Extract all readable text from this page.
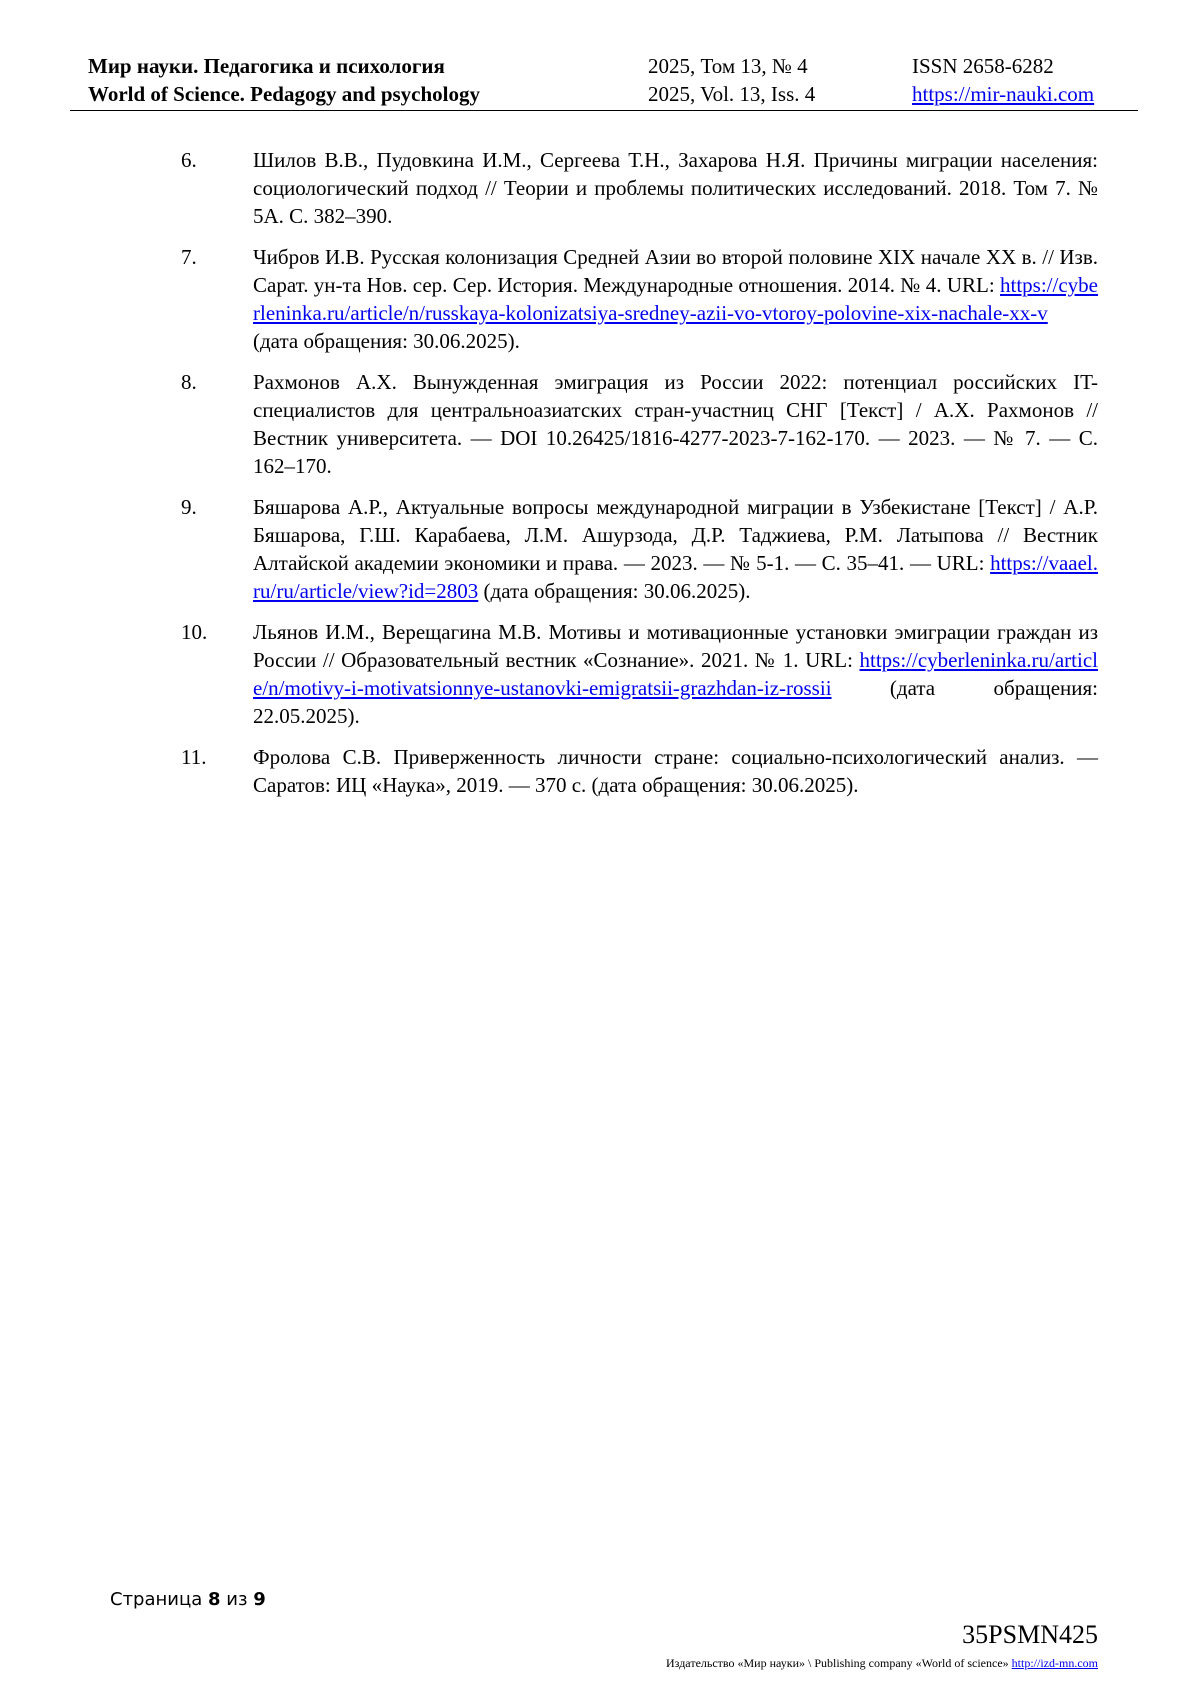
Мир науки. Педагогика и психология
World of Science. Pedagogy and psychology
2025, Том 13, № 4
2025, Vol. 13, Iss. 4
ISSN 2658-6282
https://mir-nauki.com
6.	Шилов В.В., Пудовкина И.М., Сергеева Т.Н., Захарова Н.Я. Причины миграции населения: социологический подход // Теории и проблемы политических исследований. 2018. Том 7. № 5А. С. 382–390.
7.	Чибров И.В. Русская колонизация Средней Азии во второй половине XIX начале XX в. // Изв. Сарат. ун-та Нов. сер. Сер. История. Международные отношения. 2014. № 4. URL: https://cyberleninka.ru/article/n/russkaya-kolonizatsiya-sredney-azii-vo-vtoroy-polovine-xix-nachale-xx-v (дата обращения: 30.06.2025).
8.	Рахмонов А.Х. Вынужденная эмиграция из России 2022: потенциал российских IT-специалистов для центральноазиатских стран-участниц СНГ [Текст] / А.Х. Рахмонов // Вестник университета. — DOI 10.26425/1816-4277-2023-7-162-170. — 2023. — № 7. — С. 162–170.
9.	Бяшарова А.Р., Актуальные вопросы международной миграции в Узбекистане [Текст] / А.Р. Бяшарова, Г.Ш. Карабаева, Л.М. Ашурзода, Д.Р. Таджиева, Р.М. Латыпова // Вестник Алтайской академии экономики и права. — 2023. — № 5-1. — С. 35–41. — URL: https://vaael.ru/ru/article/view?id=2803 (дата обращения: 30.06.2025).
10. Льянов И.М., Верещагина М.В. Мотивы и мотивационные установки эмиграции граждан из России // Образовательный вестник «Сознание». 2021. № 1. URL: https://cyberleninka.ru/article/n/motivy-i-motivatsionnye-ustanovki-emigratsii-grazhdan-iz-rossii (дата обращения: 22.05.2025).
11. Фролова С.В. Приверженность личности стране: социально-психологический анализ. — Саратов: ИЦ «Наука», 2019. — 370 с. (дата обращения: 30.06.2025).
Страница 8 из 9
35PSMN425
Издательство «Мир науки» \ Publishing company «World of science» http://izd-mn.com
